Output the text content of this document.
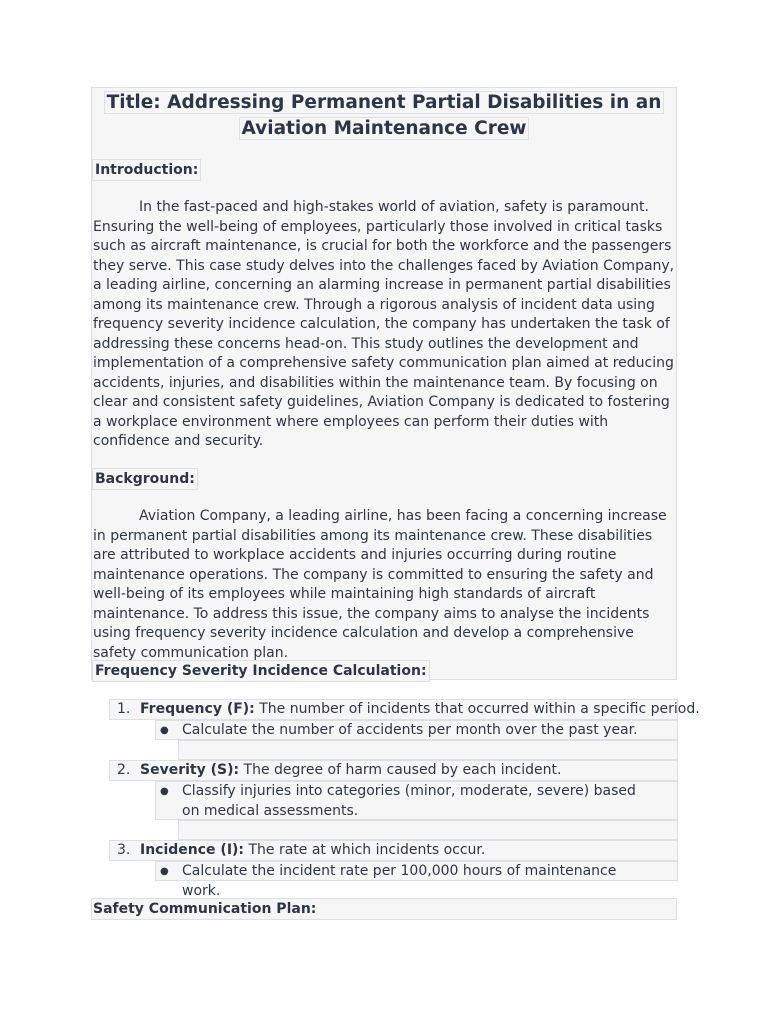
Title: Addressing Permanent Partial Disabilities in an
Aviation Maintenance Crew
Introduction:
In the fast-paced and high-stakes world of aviation, safety is paramount. Ensuring the well-being of employees, particularly those involved in critical tasks such as aircraft maintenance, is crucial for both the workforce and the passengers they serve. This case study delves into the challenges faced by Aviation Company, a leading airline, concerning an alarming increase in permanent partial disabilities among its maintenance crew. Through a rigorous analysis of incident data using frequency severity incidence calculation, the company has undertaken the task of addressing these concerns head-on. This study outlines the development and implementation of a comprehensive safety communication plan aimed at reducing accidents, injuries, and disabilities within the maintenance team. By focusing on clear and consistent safety guidelines, Aviation Company is dedicated to fostering a workplace environment where employees can perform their duties with confidence and security.
Background:
Aviation Company, a leading airline, has been facing a concerning increase in permanent partial disabilities among its maintenance crew. These disabilities are attributed to workplace accidents and injuries occurring during routine maintenance operations. The company is committed to ensuring the safety and well-being of its employees while maintaining high standards of aircraft maintenance. To address this issue, the company aims to analyse the incidents using frequency severity incidence calculation and develop a comprehensive safety communication plan.
Frequency Severity Incidence Calculation:
1. Frequency (F): The number of incidents that occurred within a specific period.
● Calculate the number of accidents per month over the past year.
2. Severity (S): The degree of harm caused by each incident.
● Classify injuries into categories (minor, moderate, severe) based on medical assessments.
3. Incidence (I): The rate at which incidents occur.
● Calculate the incident rate per 100,000 hours of maintenance work.
Safety Communication Plan:
